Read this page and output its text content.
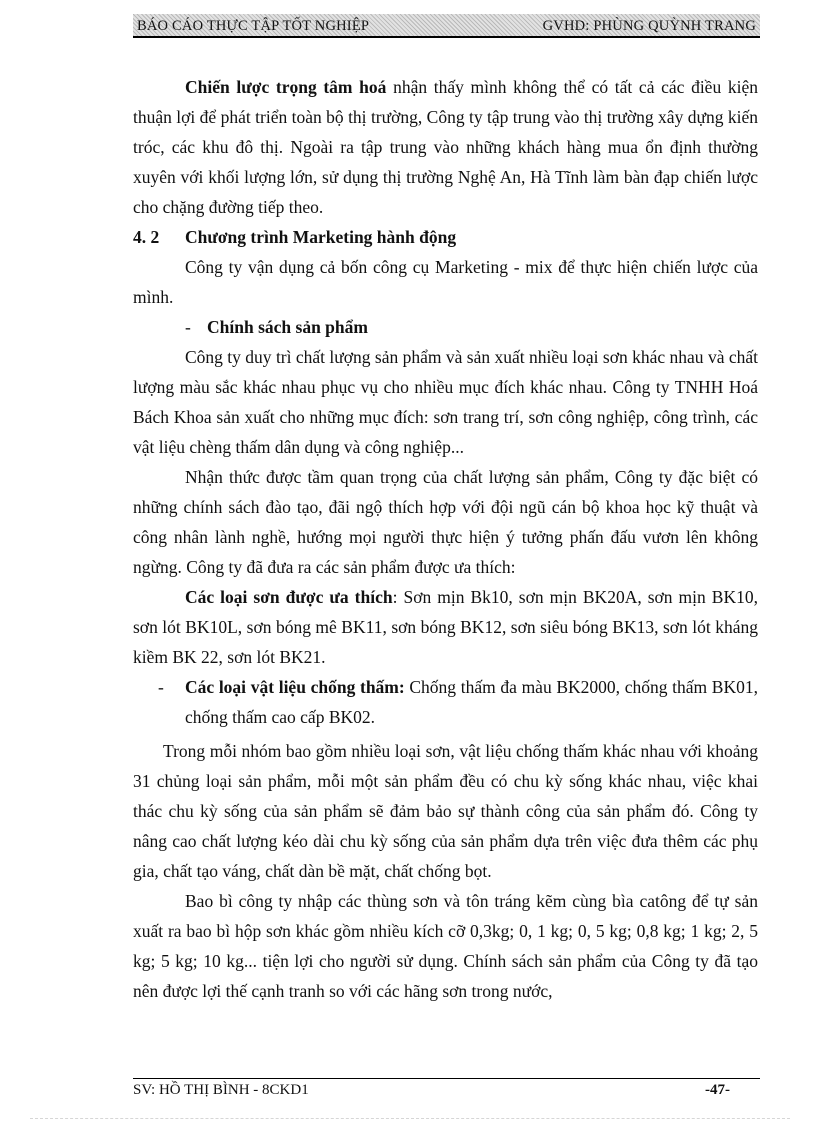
BÁO CÁO THỰC TẬP TỐT NGHIỆP	GVHD: PHÙNG QUỲNH TRANG

Chiến lược trọng tâm hoá nhận thấy mình không thể có tất cả các điều kiện thuận lợi để phát triển toàn bộ thị trường, Công ty tập trung vào thị trường xây dựng kiến tróc, các khu đô thị. Ngoài ra tập trung vào những khách hàng mua ổn định thường xuyên với khối lượng lớn, sử dụng thị trường Nghệ An, Hà Tĩnh làm bàn đạp chiến lược cho chặng đường tiếp theo.

4. 2 Chương trình Marketing hành động

Công ty vận dụng cả bốn công cụ Marketing - mix để thực hiện chiến lược của mình.

- Chính sách sản phẩm

Công ty duy trì chất lượng sản phẩm và sản xuất nhiều loại sơn khác nhau và chất lượng màu sắc khác nhau phục vụ cho nhiều mục đích khác nhau. Công ty TNHH Hoá Bách Khoa sản xuất cho những mục đích: sơn trang trí, sơn công nghiệp, công trình, các vật liệu chèng thấm dân dụng và công nghiệp...

Nhận thức được tầm quan trọng của chất lượng sản phẩm, Công ty đặc biệt có những chính sách đào tạo, đãi ngộ thích hợp với đội ngũ cán bộ khoa học kỹ thuật và công nhân lành nghề, hướng mọi người thực hiện ý tưởng phấn đấu vươn lên không ngừng. Công ty đã đưa ra các sản phẩm được ưa thích:

Các loại sơn được ưa thích: Sơn mịn Bk10, sơn mịn BK20A, sơn mịn BK10, sơn lót BK10L, sơn bóng mê BK11, sơn bóng BK12, sơn siêu bóng BK13, sơn lót kháng kiềm BK 22, sơn lót BK21.

- Các loại vật liệu chống thấm: Chống thấm đa màu BK2000, chống thấm BK01, chống thấm cao cấp BK02.

Trong mỗi nhóm bao gồm nhiều loại sơn, vật liệu chống thấm khác nhau với khoảng 31 chủng loại sản phẩm, mỗi một sản phẩm đều có chu kỳ sống khác nhau, việc khai thác chu kỳ sống của sản phẩm sẽ đảm bảo sự thành công của sản phẩm đó. Công ty nâng cao chất lượng kéo dài chu kỳ sống của sản phẩm dựa trên việc đưa thêm các phụ gia, chất tạo váng, chất dàn bề mặt, chất chống bọt.

Bao bì công ty nhập các thùng sơn và tôn tráng kẽm cùng bìa catông để tự sản xuất ra bao bì hộp sơn khác gồm nhiều kích cỡ 0,3kg; 0, 1 kg; 0, 5 kg; 0,8 kg; 1 kg; 2, 5 kg; 5 kg; 10 kg... tiện lợi cho người sử dụng. Chính sách sản phẩm của Công ty đã tạo nên được lợi thế cạnh tranh so với các hãng sơn trong nước,

SV: HỒ THỊ BÌNH - 8CKD1	-47-
